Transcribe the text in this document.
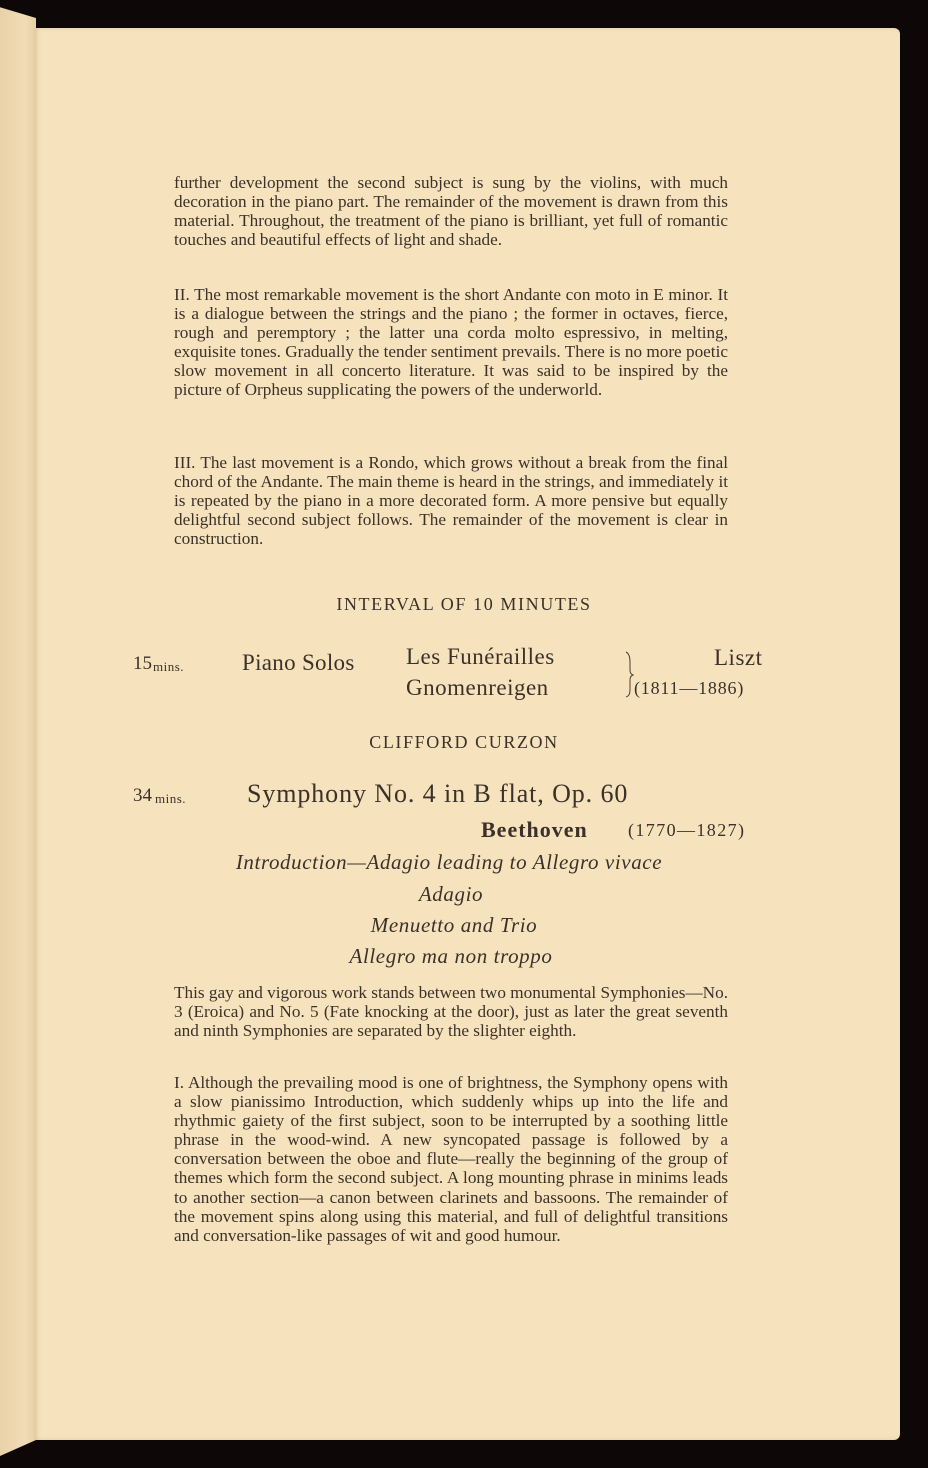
further development the second subject is sung by the violins, with much decoration in the piano part. The remainder of the movement is drawn from this material. Throughout, the treatment of the piano is brilliant, yet full of romantic touches and beautiful effects of light and shade.

II. The most remarkable movement is the short Andante con moto in E minor. It is a dialogue between the strings and the piano ; the former in octaves, fierce, rough and peremptory ; the latter una corda molto espressivo, in melting, exquisite tones. Gradually the tender sentiment prevails. There is no more poetic slow movement in all concerto literature. It was said to be inspired by the picture of Orpheus supplicating the powers of the underworld.

III. The last movement is a Rondo, which grows without a break from the final chord of the Andante. The main theme is heard in the strings, and immediately it is repeated by the piano in a more decorated form. A more pensive but equally delightful second subject follows. The remainder of the movement is clear in construction.

INTERVAL OF 10 MINUTES
15 mins.	Piano Solos Les Funérailles
Gnomenreigen
Liszt
(1811—1886)
CLIFFORD CURZON
34 mins. Symphony No. 4 in B flat, Op. 60
Beethoven (1770—1827)
Introduction—Adagio leading to Allegro vivace
Adagio
Menuetto and Trio
Allegro ma non troppo

This gay and vigorous work stands between two monumental Symphonies—No. 3 (Eroica) and No. 5 (Fate knocking at the door), just as later the great seventh and ninth Symphonies are separated by the slighter eighth.

I. Although the prevailing mood is one of brightness, the Symphony opens with a slow pianissimo Introduction, which suddenly whips up into the life and rhythmic gaiety of the first subject, soon to be interrupted by a soothing little phrase in the wood-wind. A new syncopated passage is followed by a conversation between the oboe and flute—really the beginning of the group of themes which form the second subject. A long mounting phrase in minims leads to another section—a canon between clarinets and bassoons. The remainder of the movement spins along using this material, and full of delightful transitions and conversation-like passages of wit and good humour.
